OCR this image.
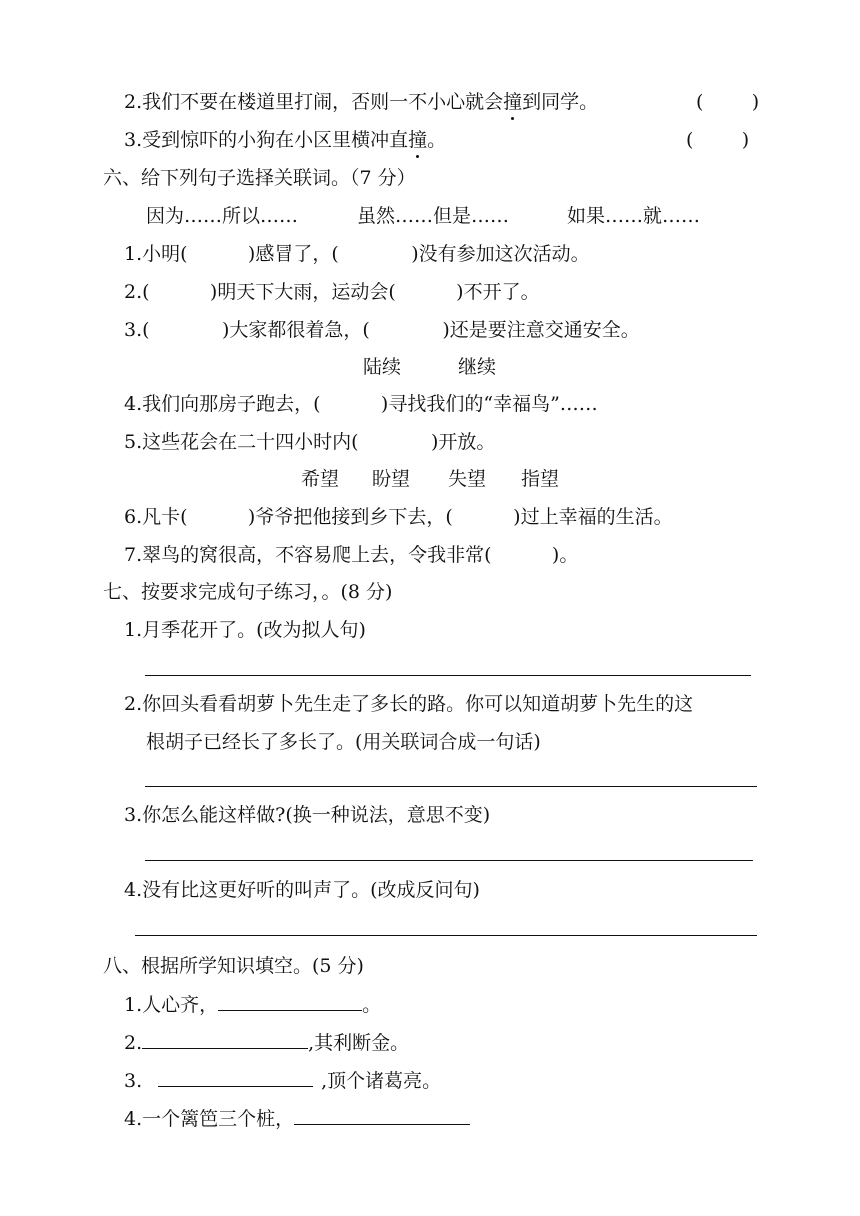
2.我们不要在楼道里打闹，否则一不小心就会撞到同学。	(        )
3.受到惊吓的小狗在小区里横冲直撞。	(        )
六、给下列句子选择关联词。（7 分）
因为……所以……	虽然……但是……	如果……就……
1.小明(          )感冒了，(            )没有参加这次活动。
2.(          )明天下大雨，运动会(          )不开了。
3.(            )大家都很着急，(            )还是要注意交通安全。
陆续	继续
4.我们向那房子跑去，(          )寻找我们的“幸福鸟”……
5.这些花会在二十四小时内(            )开放。
希望 盼望 失望 指望
6.凡卡(          )爷爷把他接到乡下去，(          )过上幸福的生活。
7.翠鸟的窝很高，不容易爬上去，令我非常(          )。
七、按要求完成句子练习，。(8 分)
1.月季花开了。(改为拟人句)
2.你回头看看胡萝卜先生走了多长的路。你可以知道胡萝卜先生的这
根胡子已经长了多长了。(用关联词合成一句话)
3.你怎么能这样做?(换一种说法，意思不变)
4.没有比这更好听的叫声了。(改成反问句)
八、根据所学知识填空。(5 分)
1.人心齐，	。
2.	,其利断金。
3.	,顶个诸葛亮。
4.一个篱笆三个桩，
